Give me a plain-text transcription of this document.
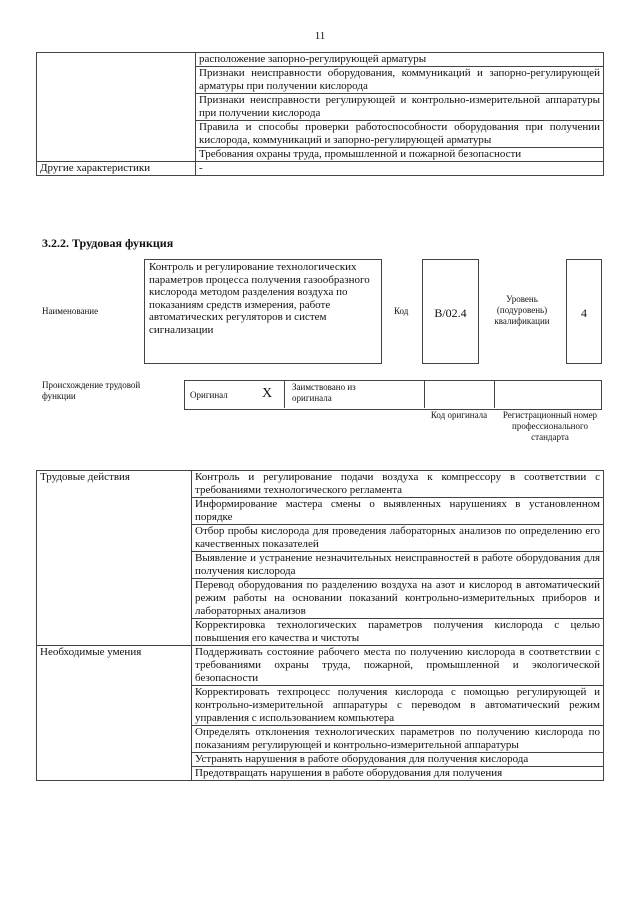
11
	расположение запорно-регулирующей арматуры
	Признаки неисправности оборудования, коммуникаций и запорно-регулирующей арматуры при получении кислорода
	Признаки неисправности регулирующей и контрольно-измерительной аппаратуры при получении кислорода
	Правила и способы проверки работоспособности оборудования при получении кислорода, коммуникаций и запорно-регулирующей арматуры
	Требования охраны труда, промышленной и пожарной безопасности
Другие характеристики	-
3.2.2. Трудовая функция
Наименование
Контроль и регулирование технологических параметров процесса получения газообразного кислорода методом разделения воздуха по показаниям средств измерения, работе автоматических регуляторов и систем сигнализации
Код	B/02.4
Уровень (подуровень) квалификации
4
Происхождение трудовой функции	Оригинал X Заимствовано из оригинала
Код оригинала	Регистрационный номер профессионального стандарта
Трудовые действия	Контроль и регулирование подачи воздуха к компрессору в соответствии с требованиями технологического регламента
	Информирование мастера смены о выявленных нарушениях в установленном порядке
	Отбор пробы кислорода для проведения лабораторных анализов по определению его качественных показателей
	Выявление и устранение незначительных неисправностей в работе оборудования для получения кислорода
	Перевод оборудования по разделению воздуха на азот и кислород в автоматический режим работы на основании показаний контрольно-измерительных приборов и лабораторных анализов
	Корректировка технологических параметров получения кислорода с целью повышения его качества и чистоты
Необходимые умения	Поддерживать состояние рабочего места по получению кислорода в соответствии с требованиями охраны труда, пожарной, промышленной и экологической безопасности
	Корректировать техпроцесс получения кислорода с помощью регулирующей и контрольно-измерительной аппаратуры с переводом в автоматический режим управления с использованием компьютера
	Определять отклонения технологических параметров по получению кислорода по показаниям регулирующей и контрольно-измерительной аппаратуры
	Устранять нарушения в работе оборудования для получения кислорода
	Предотвращать нарушения в работе оборудования для получения
